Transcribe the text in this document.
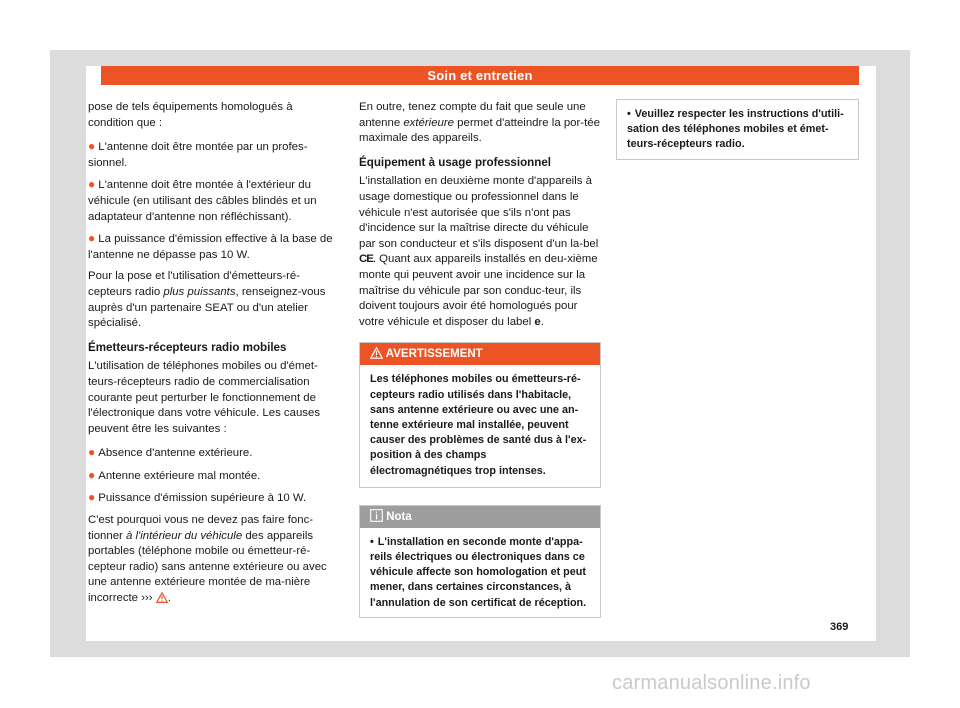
Soin et entretien

pose de tels équipements homologués à condition que :

● L'antenne doit être montée par un profes-sionnel.
● L'antenne doit être montée à l'extérieur du véhicule (en utilisant des câbles blindés et un adaptateur d'antenne non réfléchissant).
● La puissance d'émission effective à la base de l'antenne ne dépasse pas 10 W.

Pour la pose et l'utilisation d'émetteurs-ré-cepteurs radio plus puissants, renseignez-vous auprès d'un partenaire SEAT ou d'un atelier spécialisé.

Émetteurs-récepteurs radio mobiles

L'utilisation de téléphones mobiles ou d'émet-teurs-récepteurs radio de commercialisation courante peut perturber le fonctionnement de l'électronique dans votre véhicule. Les causes peuvent être les suivantes :

● Absence d'antenne extérieure.
● Antenne extérieure mal montée.
● Puissance d'émission supérieure à 10 W.

C'est pourquoi vous ne devez pas faire fonc-tionner à l'intérieur du véhicule des appareils portables (téléphone mobile ou émetteur-ré-cepteur radio) sans antenne extérieure ou avec une antenne extérieure montée de ma-nière incorrecte ››› .

En outre, tenez compte du fait que seule une antenne extérieure permet d'atteindre la por-tée maximale des appareils.

Équipement à usage professionnel

L'installation en deuxième monte d'appareils à usage domestique ou professionnel dans le véhicule n'est autorisée que s'ils n'ont pas d'incidence sur la maîtrise directe du véhicule par son conducteur et s'ils disposent d'un la-bel CE. Quant aux appareils installés en deu-xième monte qui peuvent avoir une incidence sur la maîtrise du véhicule par son conduc-teur, ils doivent toujours avoir été homologués pour votre véhicule et disposer du label e.

AVERTISSEMENT
Les téléphones mobiles ou émetteurs-ré-cepteurs radio utilisés dans l'habitacle, sans antenne extérieure ou avec une an-tenne extérieure mal installée, peuvent causer des problèmes de santé dus à l'ex-position à des champs électromagnétiques trop intenses.
Nota
• L'installation en seconde monte d'appa-reils électriques ou électroniques dans ce véhicule affecte son homologation et peut mener, dans certaines circonstances, à l'annulation de son certificat de réception.
• Veuillez respecter les instructions d'utili-sation des téléphones mobiles et émet-teurs-récepteurs radio.
369
carmanualsonline.info
